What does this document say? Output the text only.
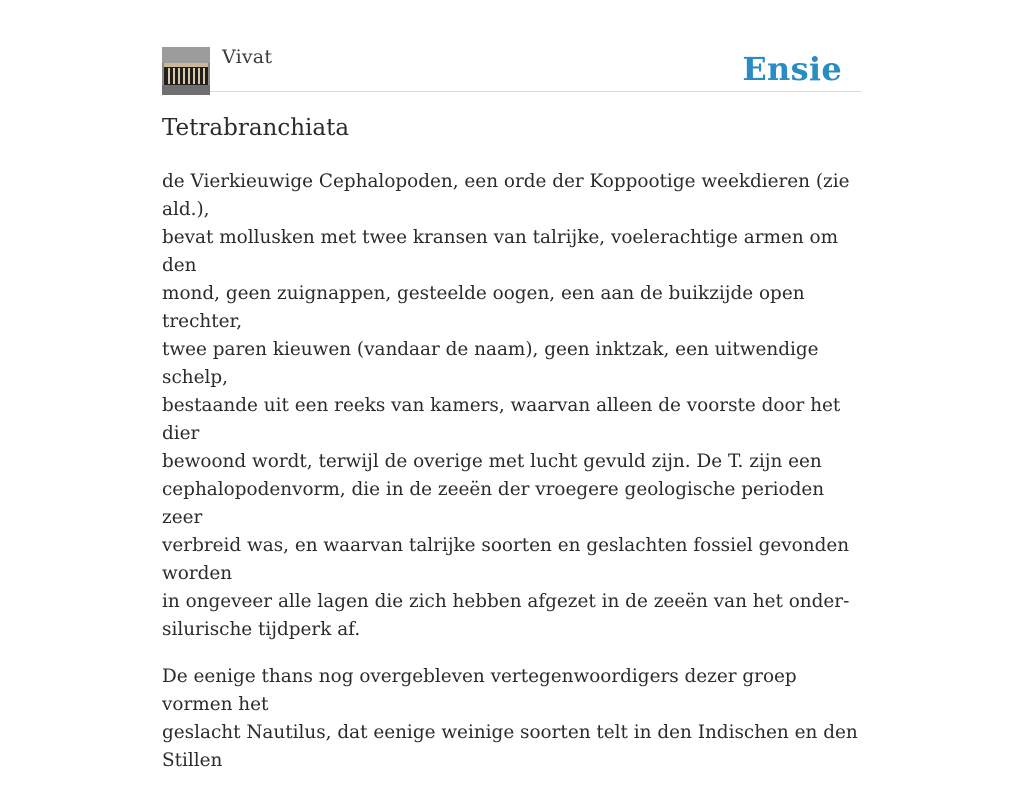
Vivat	Ensie
Tetrabranchiata

de Vierkieuwige Cephalopoden, een orde der Koppootige weekdieren (zie ald.),
bevat mollusken met twee kransen van talrijke, voelerachtige armen om den
mond, geen zuignappen, gesteelde oogen, een aan de buikzijde open trechter,
twee paren kieuwen (vandaar de naam), geen inktzak, een uitwendige schelp,
bestaande uit een reeks van kamers, waarvan alleen de voorste door het dier
bewoond wordt, terwijl de overige met lucht gevuld zijn. De T. zijn een
cephalopodenvorm, die in de zeeën der vroegere geologische perioden zeer
verbreid was, en waarvan talrijke soorten en geslachten fossiel gevonden worden
in ongeveer alle lagen die zich hebben afgezet in de zeeën van het onder-
silurische tijdperk af.

De eenige thans nog overgebleven vertegenwoordigers dezer groep vormen het
geslacht Nautilus, dat eenige weinige soorten telt in den Indischen en den Stillen
